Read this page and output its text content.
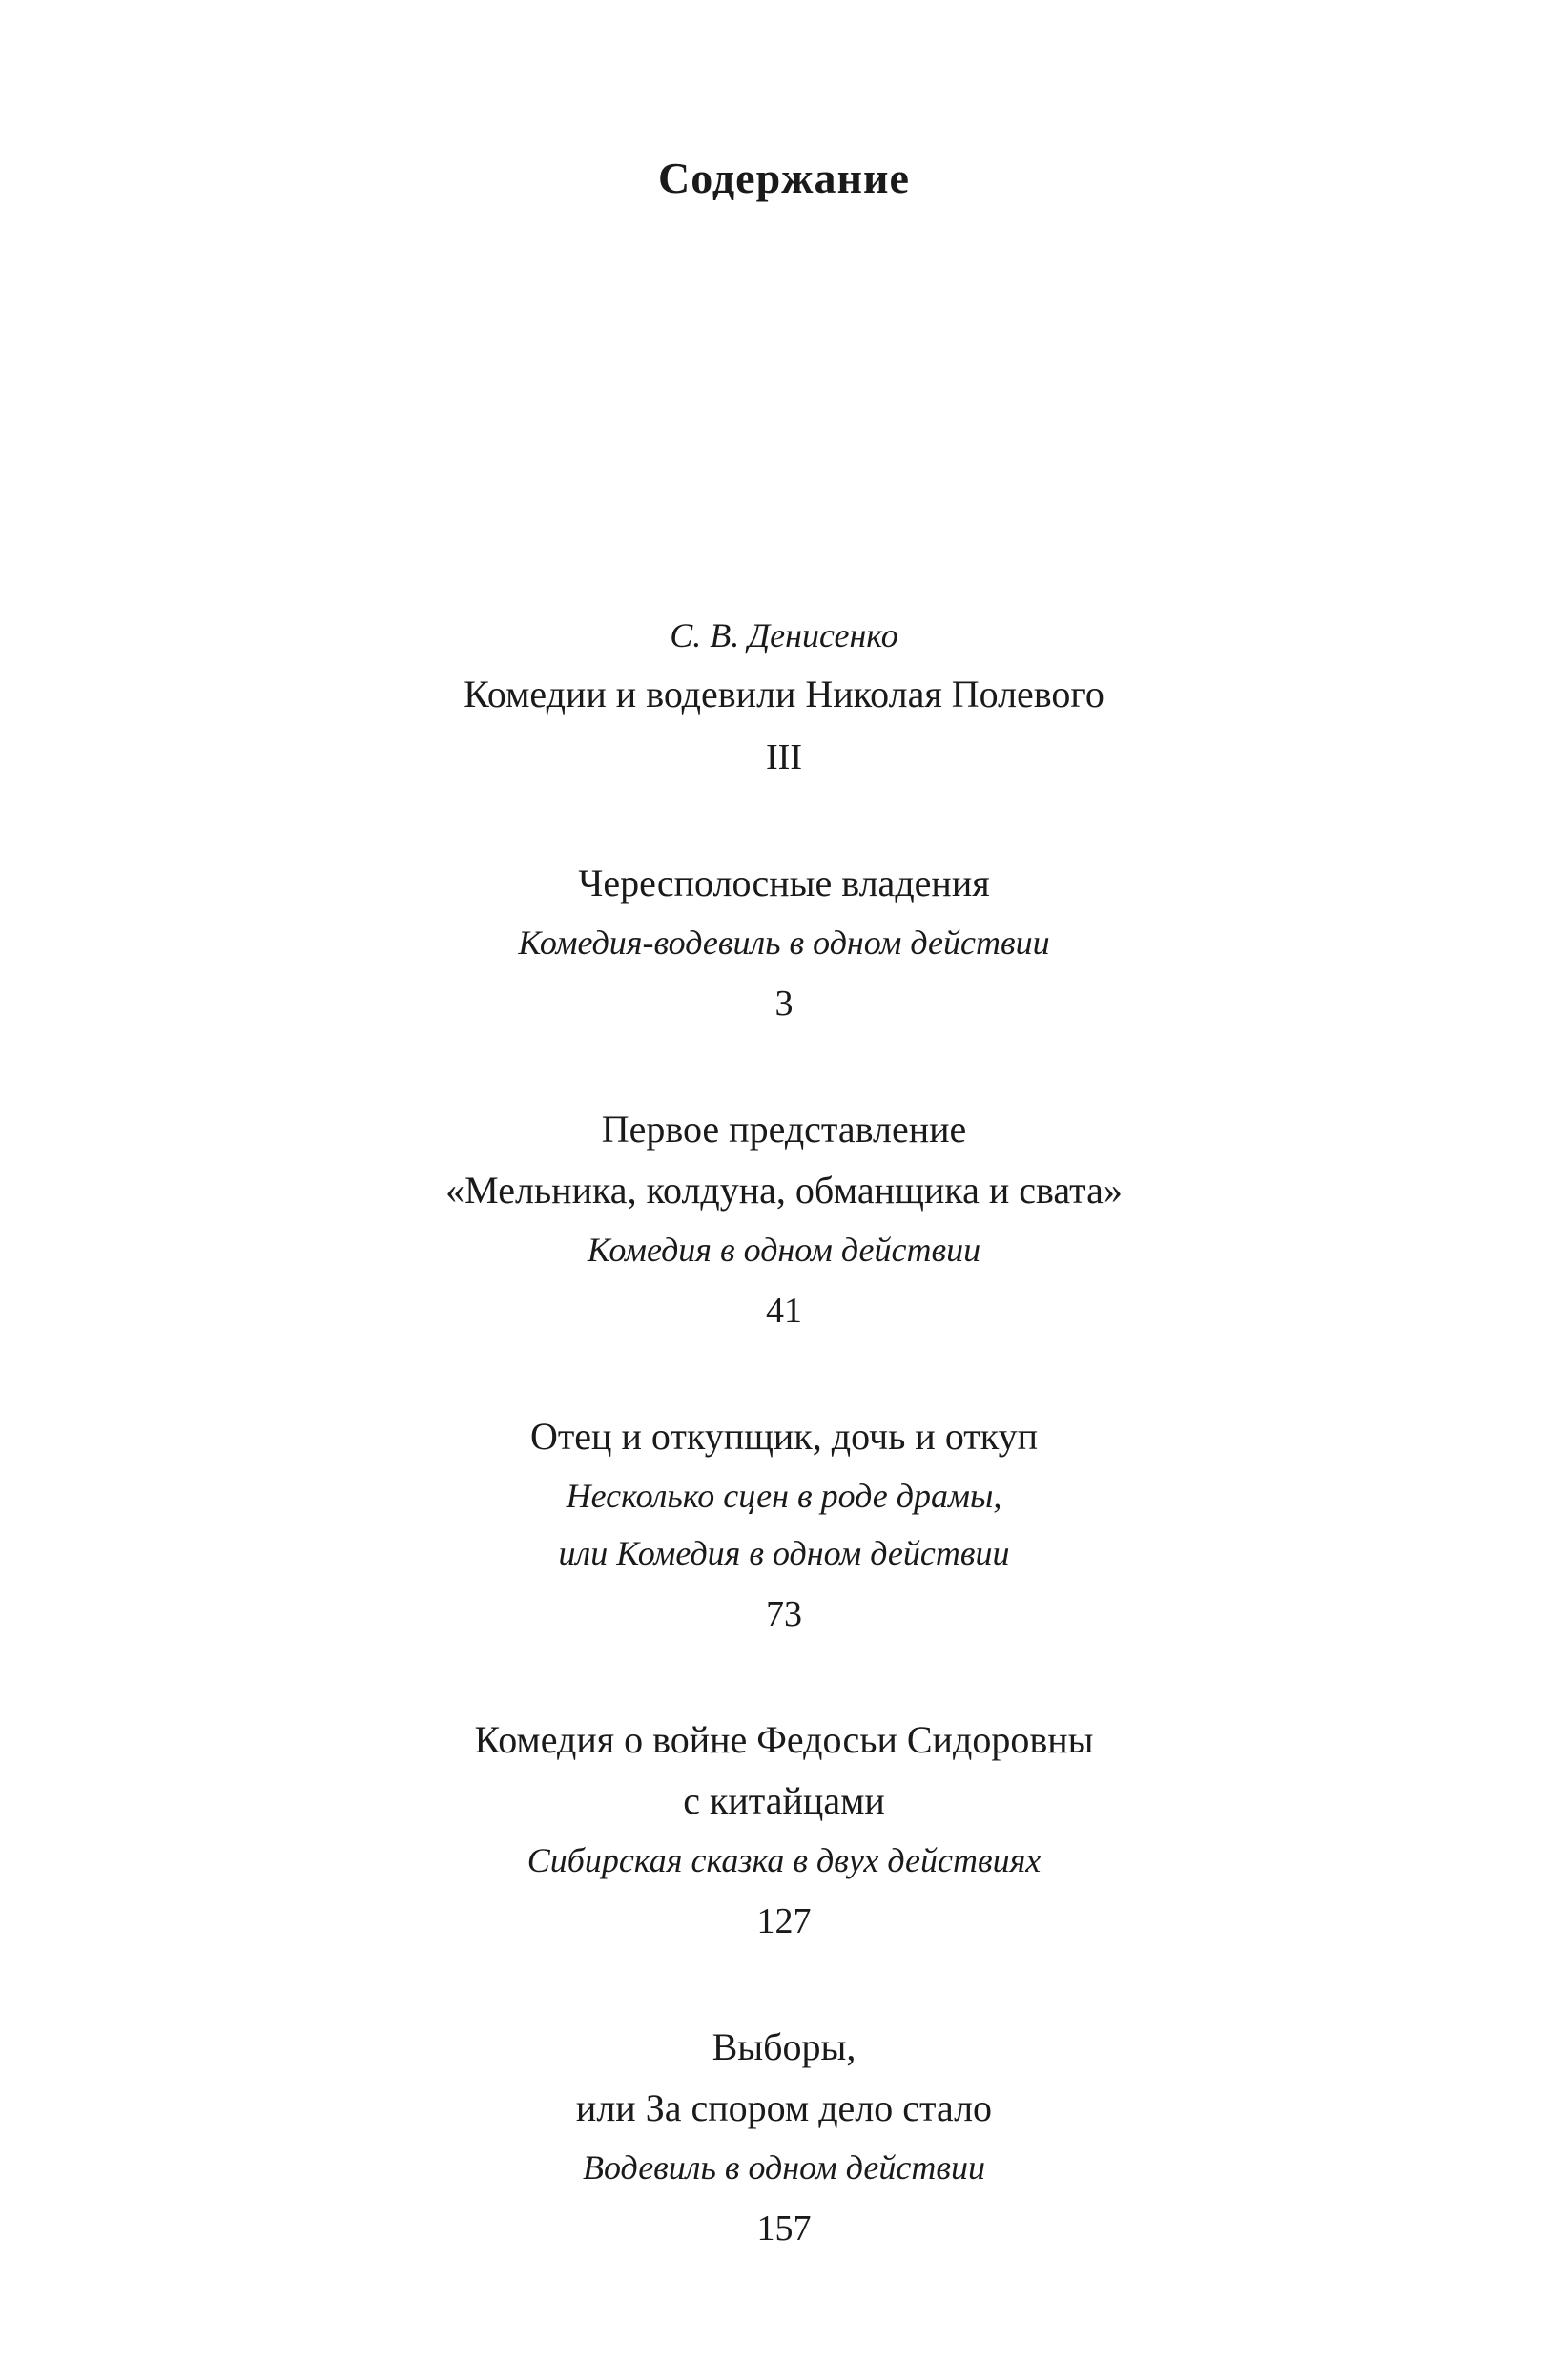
Содержание

С. В. Денисенко

Комедии и водевили Николая Полевого

III

Чересполосные владения

Комедия-водевиль в одном действии

3

Первое представление

«Мельника, колдуна, обманщика и свата»

Комедия в одном действии

41

Отец и откупщик, дочь и откуп

Несколько сцен в роде драмы,

или Комедия в одном действии

73

Комедия о войне Федосьи Сидоровны

с китайцами

Сибирская сказка в двух действиях

127

Выборы,

или За спором дело стало

Водевиль в одном действии

157
